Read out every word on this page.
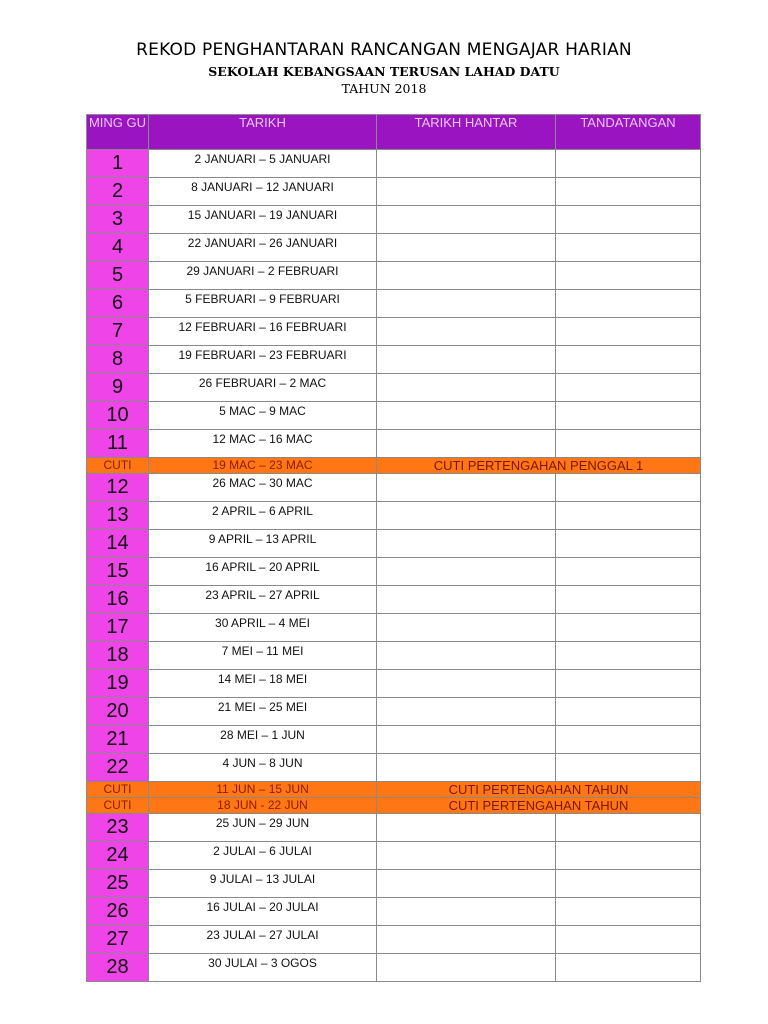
REKOD PENGHANTARAN RANCANGAN MENGAJAR HARIAN
SEKOLAH KEBANGSAAN TERUSAN LAHAD DATU
TAHUN 2018
MING GU	TARIKH	TARIKH HANTAR	TANDATANGAN
1	2 JANUARI – 5 JANUARI		
2	8 JANUARI – 12 JANUARI		
3	15 JANUARI – 19 JANUARI		
4	22 JANUARI – 26 JANUARI		
5	29 JANUARI – 2 FEBRUARI		
6	5 FEBRUARI – 9 FEBRUARI		
7	12 FEBRUARI – 16 FEBRUARI		
8	19 FEBRUARI – 23 FEBRUARI		
9	26 FEBRUARI – 2 MAC		
10	5 MAC – 9 MAC		
11	12 MAC – 16 MAC		
CUTI	19 MAC – 23 MAC	CUTI PERTENGAHAN PENGGAL 1	
12	26 MAC – 30 MAC		
13	2 APRIL – 6 APRIL		
14	9 APRIL – 13 APRIL		
15	16 APRIL – 20 APRIL		
16	23 APRIL – 27 APRIL		
17	30 APRIL – 4 MEI		
18	7 MEI – 11 MEI		
19	14 MEI – 18 MEI		
20	21 MEI – 25 MEI		
21	28 MEI – 1 JUN		
22	4 JUN – 8 JUN		
CUTI	11 JUN – 15 JUN	CUTI PERTENGAHAN TAHUN	
CUTI	18 JUN - 22 JUN	CUTI PERTENGAHAN TAHUN	
23	25 JUN – 29 JUN		
24	2 JULAI – 6 JULAI		
25	9 JULAI – 13 JULAI		
26	16 JULAI – 20 JULAI		
27	23 JULAI – 27 JULAI		
28	30 JULAI – 3 OGOS		
